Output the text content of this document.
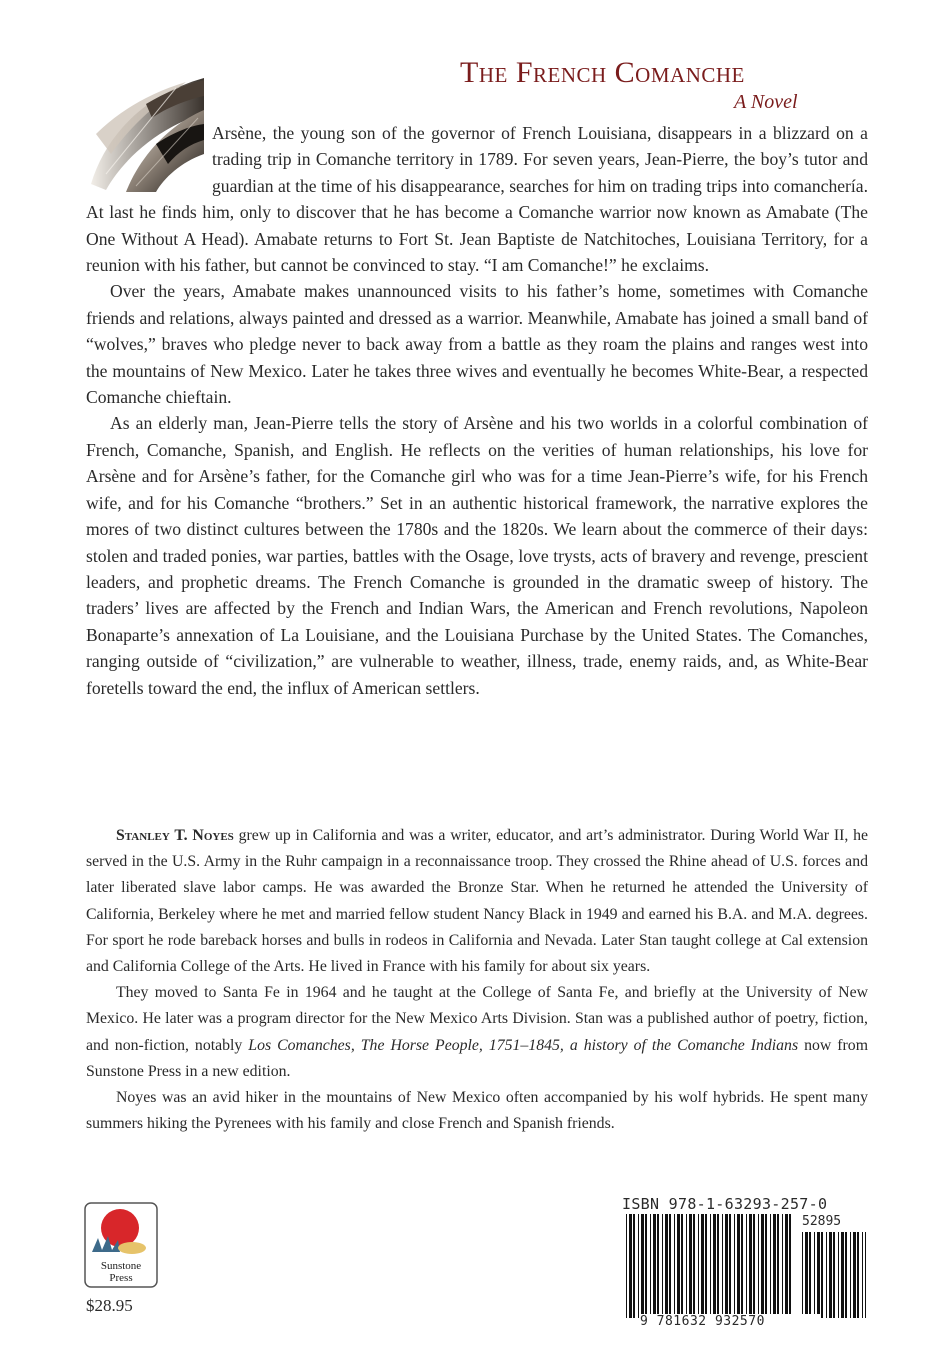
The French Comanche

A Novel

Arsène, the young son of the governor of French Louisiana, disappears in a blizzard on a trading trip in Comanche territory in 1789. For seven years, Jean-Pierre, the boy’s tutor and guardian at the time of his disappearance, searches for him on trading trips into comanchería. At last he finds him, only to discover that he has become a Comanche warrior now known as Amabate (The One Without A Head). Amabate returns to Fort St. Jean Baptiste de Natchitoches, Louisiana Territory, for a reunion with his father, but cannot be convinced to stay. “I am Comanche!” he exclaims.

Over the years, Amabate makes unannounced visits to his father’s home, sometimes with Comanche friends and relations, always painted and dressed as a warrior. Meanwhile, Amabate has joined a small band of “wolves,” braves who pledge never to back away from a battle as they roam the plains and ranges west into the mountains of New Mexico. Later he takes three wives and eventually he becomes White-Bear, a respected Comanche chieftain.

As an elderly man, Jean-Pierre tells the story of Arsène and his two worlds in a colorful combination of French, Comanche, Spanish, and English. He reflects on the verities of human relationships, his love for Arsène and for Arsène’s father, for the Comanche girl who was for a time Jean-Pierre’s wife, for his French wife, and for his Comanche “brothers.” Set in an authentic historical framework, the narrative explores the mores of two distinct cultures between the 1780s and the 1820s. We learn about the commerce of their days: stolen and traded ponies, war parties, battles with the Osage, love trysts, acts of bravery and revenge, prescient leaders, and prophetic dreams. The French Comanche is grounded in the dramatic sweep of history. The traders’ lives are affected by the French and Indian Wars, the American and French revolutions, Napoleon Bonaparte’s annexation of La Louisiane, and the Louisiana Purchase by the United States. The Comanches, ranging outside of “civilization,” are vulnerable to weather, illness, trade, enemy raids, and, as White-Bear foretells toward the end, the influx of American settlers.

Stanley T. Noyes grew up in California and was a writer, educator, and art’s administrator. During World War II, he served in the U.S. Army in the Ruhr campaign in a reconnaissance troop. They crossed the Rhine ahead of U.S. forces and later liberated slave labor camps. He was awarded the Bronze Star. When he returned he attended the University of California, Berkeley where he met and married fellow student Nancy Black in 1949 and earned his B.A. and M.A. degrees. For sport he rode bareback horses and bulls in rodeos in California and Nevada. Later Stan taught college at Cal extension and California College of the Arts. He lived in France with his family for about six years.

They moved to Santa Fe in 1964 and he taught at the College of Santa Fe, and briefly at the University of New Mexico. He later was a program director for the New Mexico Arts Division. Stan was a published author of poetry, fiction, and non-fiction, notably Los Comanches, The Horse People, 1751–1845, a history of the Comanche Indians now from Sunstone Press in a new edition.

Noyes was an avid hiker in the mountains of New Mexico often accompanied by his wolf hybrids. He spent many summers hiking the Pyrenees with his family and close French and Spanish friends.

Sunstone
Press

$28.95

ISBN 978-1-63293-257-0

52895

9 781632 932570
